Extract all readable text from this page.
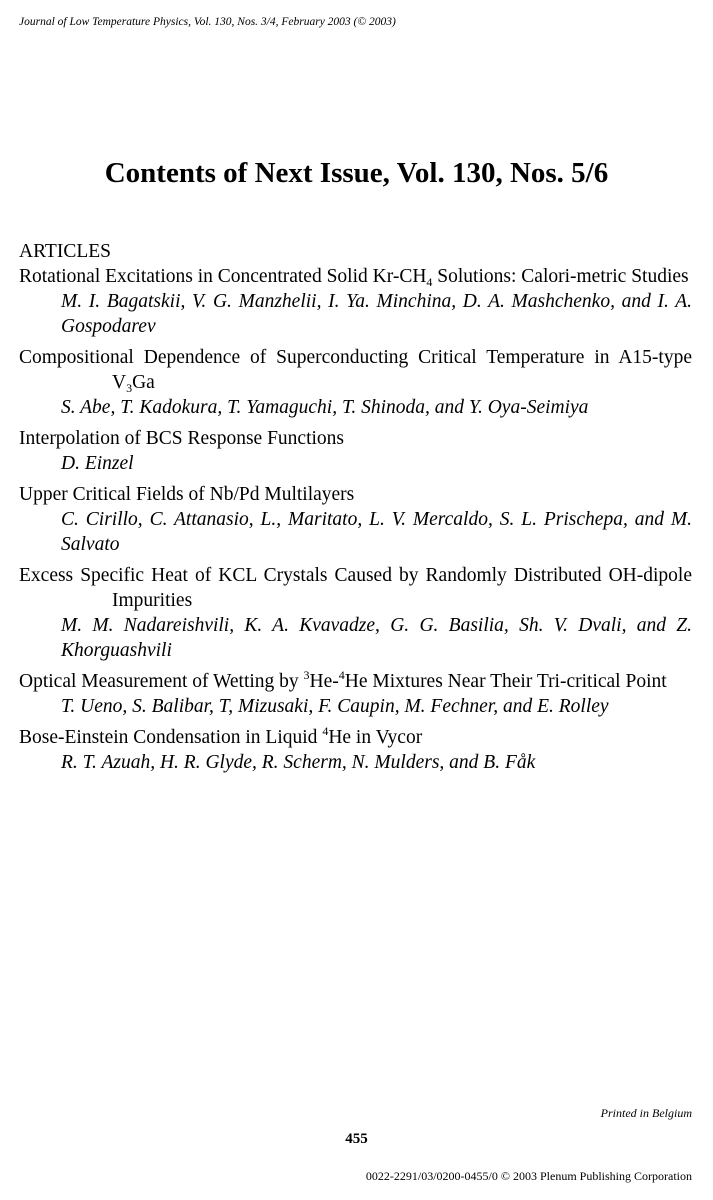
Journal of Low Temperature Physics, Vol. 130, Nos. 3/4, February 2003 (© 2003)
Contents of Next Issue, Vol. 130, Nos. 5/6
ARTICLES
Rotational Excitations in Concentrated Solid $Kr-CH_4$ Solutions: Calori-metric Studies
M. I. Bagatskii, V. G. Manzhelii, I. Ya. Minchina, D. A. Mashchenko, and I. A. Gospodarev
Compositional Dependence of Superconducting Critical Temperature in A15-type $V_3Ga$
S. Abe, T. Kadokura, T. Yamaguchi, T. Shinoda, and Y. Oya-Seimiya
Interpolation of BCS Response Functions
D. Einzel
Upper Critical Fields of Nb/Pd Multilayers
C. Cirillo, C. Attanasio, L., Maritato, L. V. Mercaldo, S. L. Prischepa, and M. Salvato
Excess Specific Heat of KCL Crystals Caused by Randomly Distributed OH-dipole Impurities
M. M. Nadareishvili, K. A. Kvavadze, G. G. Basilia, Sh. V. Dvali, and Z. Khorguashvili
Optical Measurement of Wetting by $^3$He-$^4$He Mixtures Near Their Tri-critical Point
T. Ueno, S. Balibar, T, Mizusaki, F. Caupin, M. Fechner, and E. Rolley
Bose-Einstein Condensation in Liquid $^4$He in Vycor
R. T. Azuah, H. R. Glyde, R. Scherm, N. Mulders, and B. Fåk
Printed in Belgium
455
0022-2291/03/0200-0455/0 © 2003 Plenum Publishing Corporation
